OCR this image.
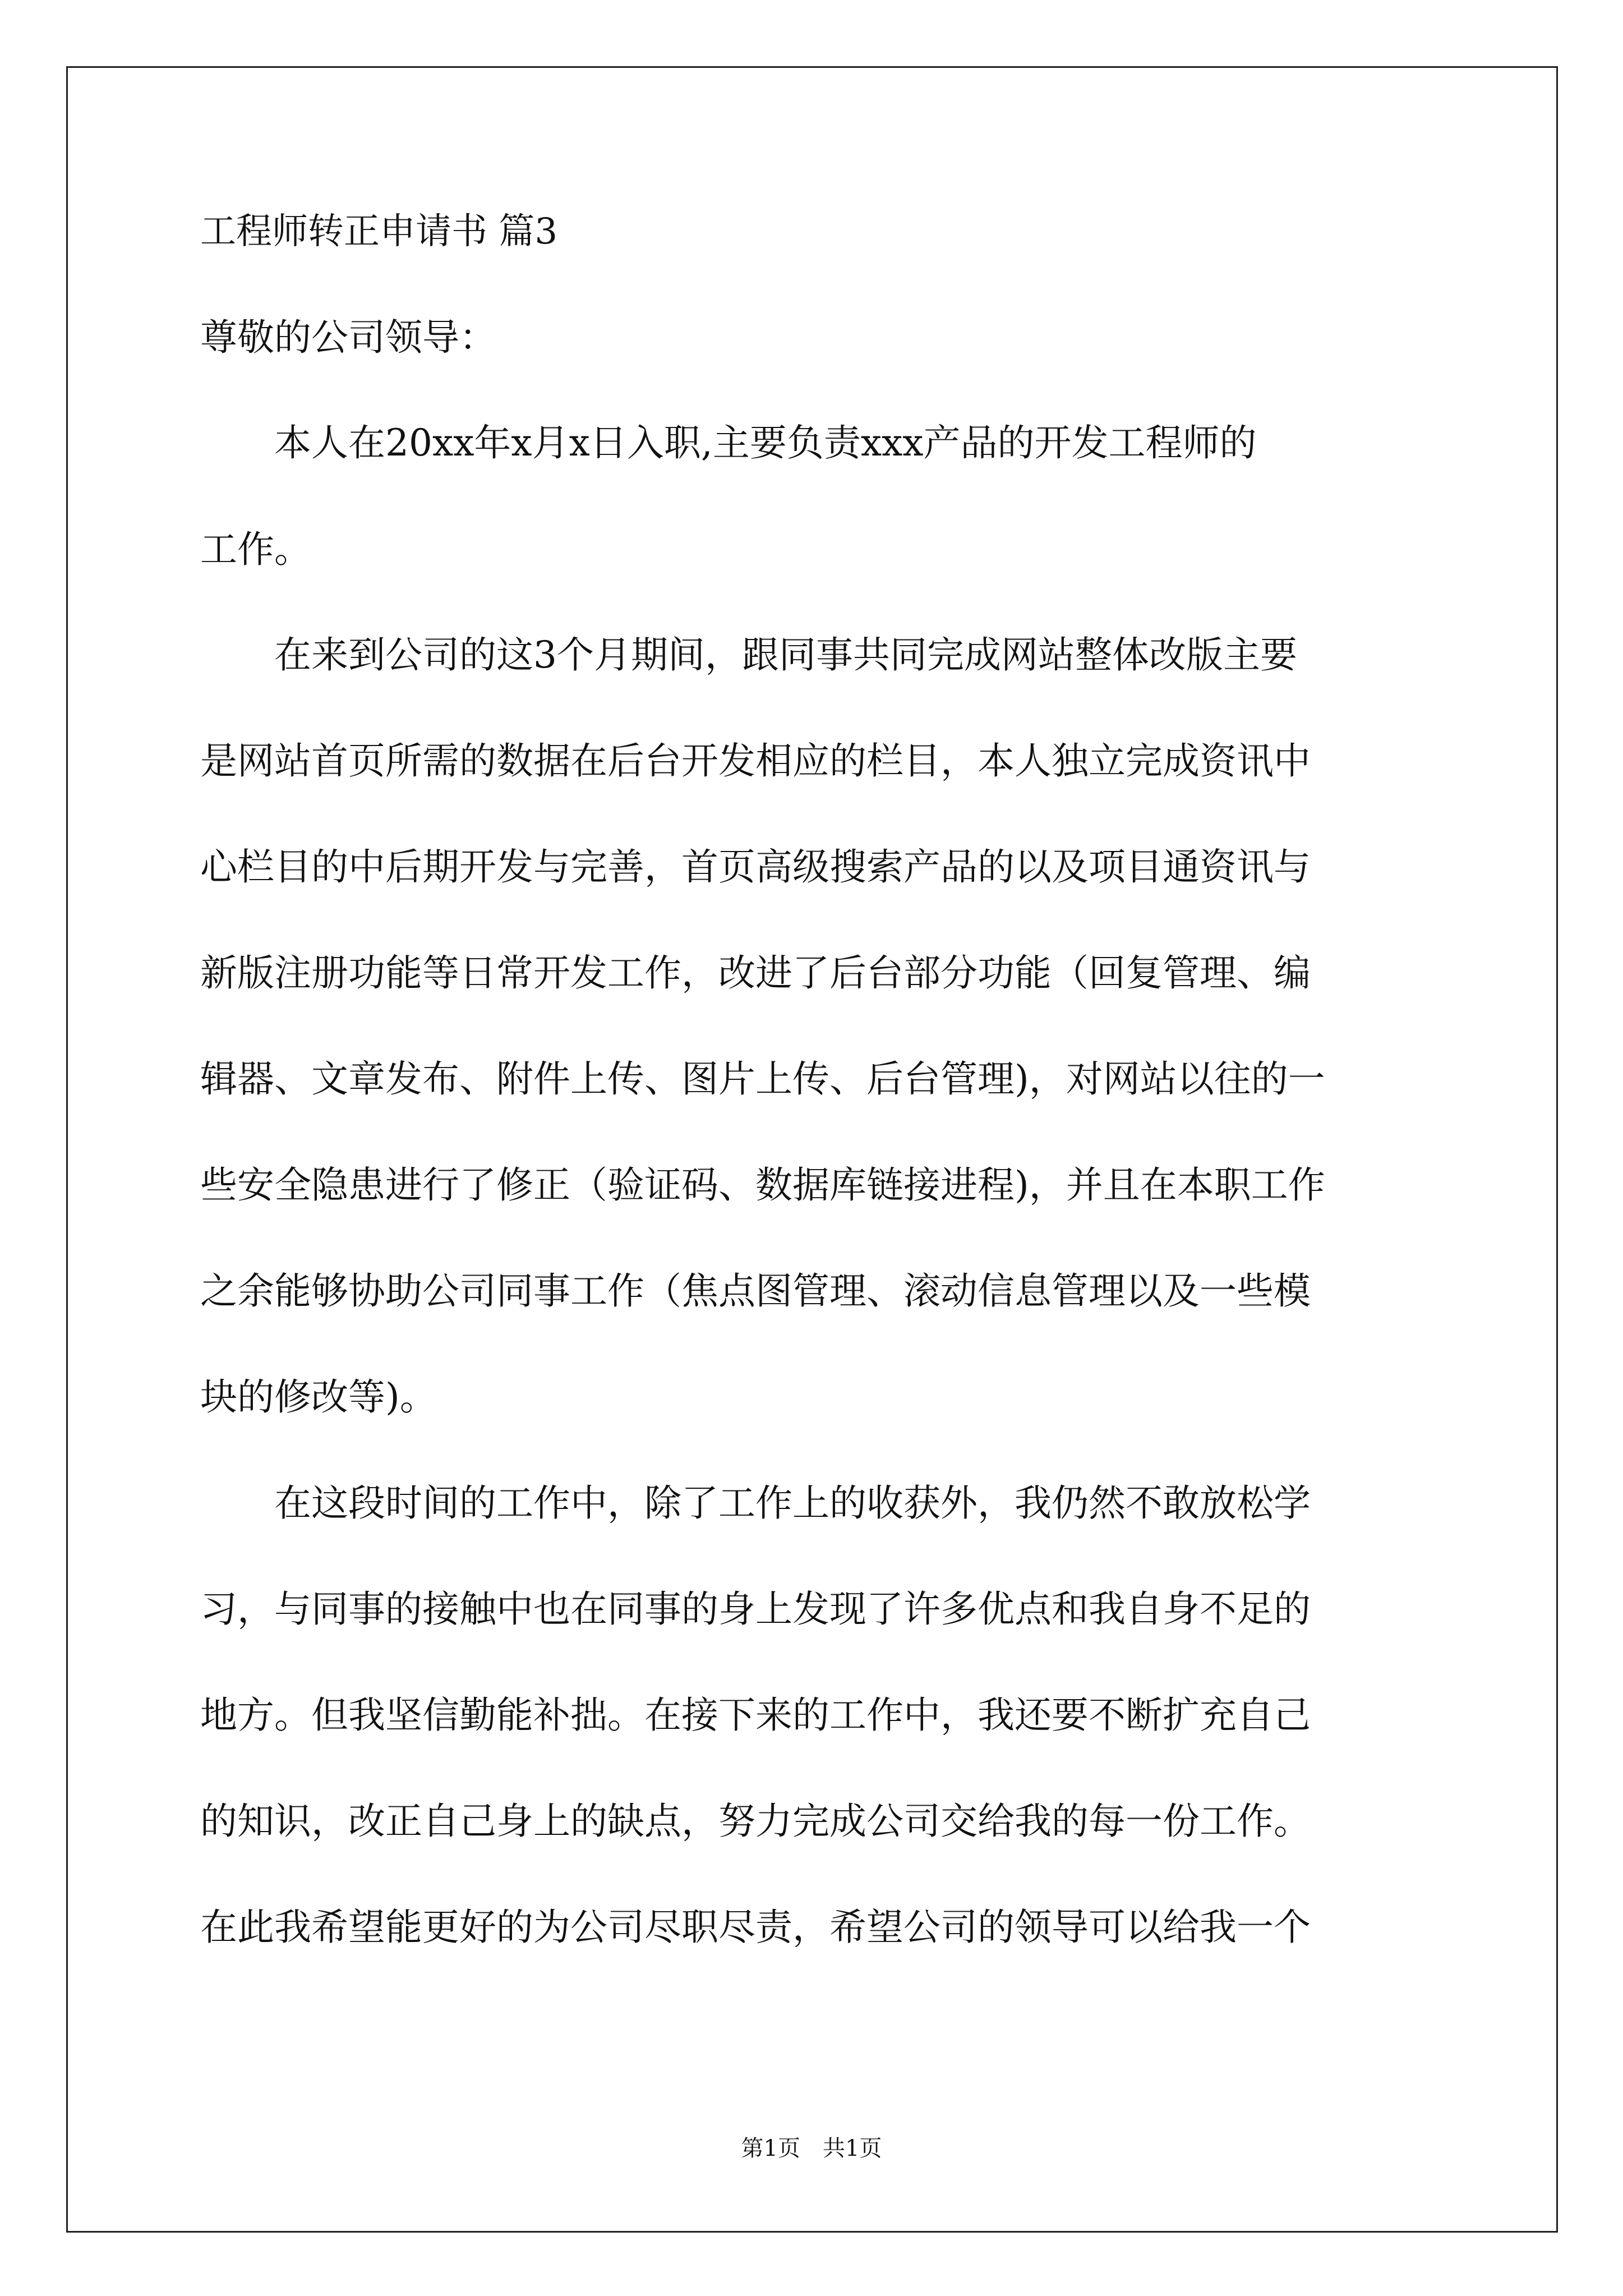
工程师转正申请书 篇3
尊敬的公司领导：
　　本人在20xx年x月x日入职,主要负责xxx产品的开发工程师的
工作。
　　在来到公司的这3个月期间，跟同事共同完成网站整体改版主要
是网站首页所需的数据在后台开发相应的栏目，本人独立完成资讯中
心栏目的中后期开发与完善，首页高级搜索产品的以及项目通资讯与
新版注册功能等日常开发工作，改进了后台部分功能（回复管理、编
辑器、文章发布、附件上传、图片上传、后台管理)，对网站以往的一
些安全隐患进行了修正（验证码、数据库链接进程)，并且在本职工作
之余能够协助公司同事工作（焦点图管理、滚动信息管理以及一些模
块的修改等)。
　　在这段时间的工作中，除了工作上的收获外，我仍然不敢放松学
习，与同事的接触中也在同事的身上发现了许多优点和我自身不足的
地方。但我坚信勤能补拙。在接下来的工作中，我还要不断扩充自己
的知识，改正自己身上的缺点，努力完成公司交给我的每一份工作。
在此我希望能更好的为公司尽职尽责，希望公司的领导可以给我一个
第1页　共1页
